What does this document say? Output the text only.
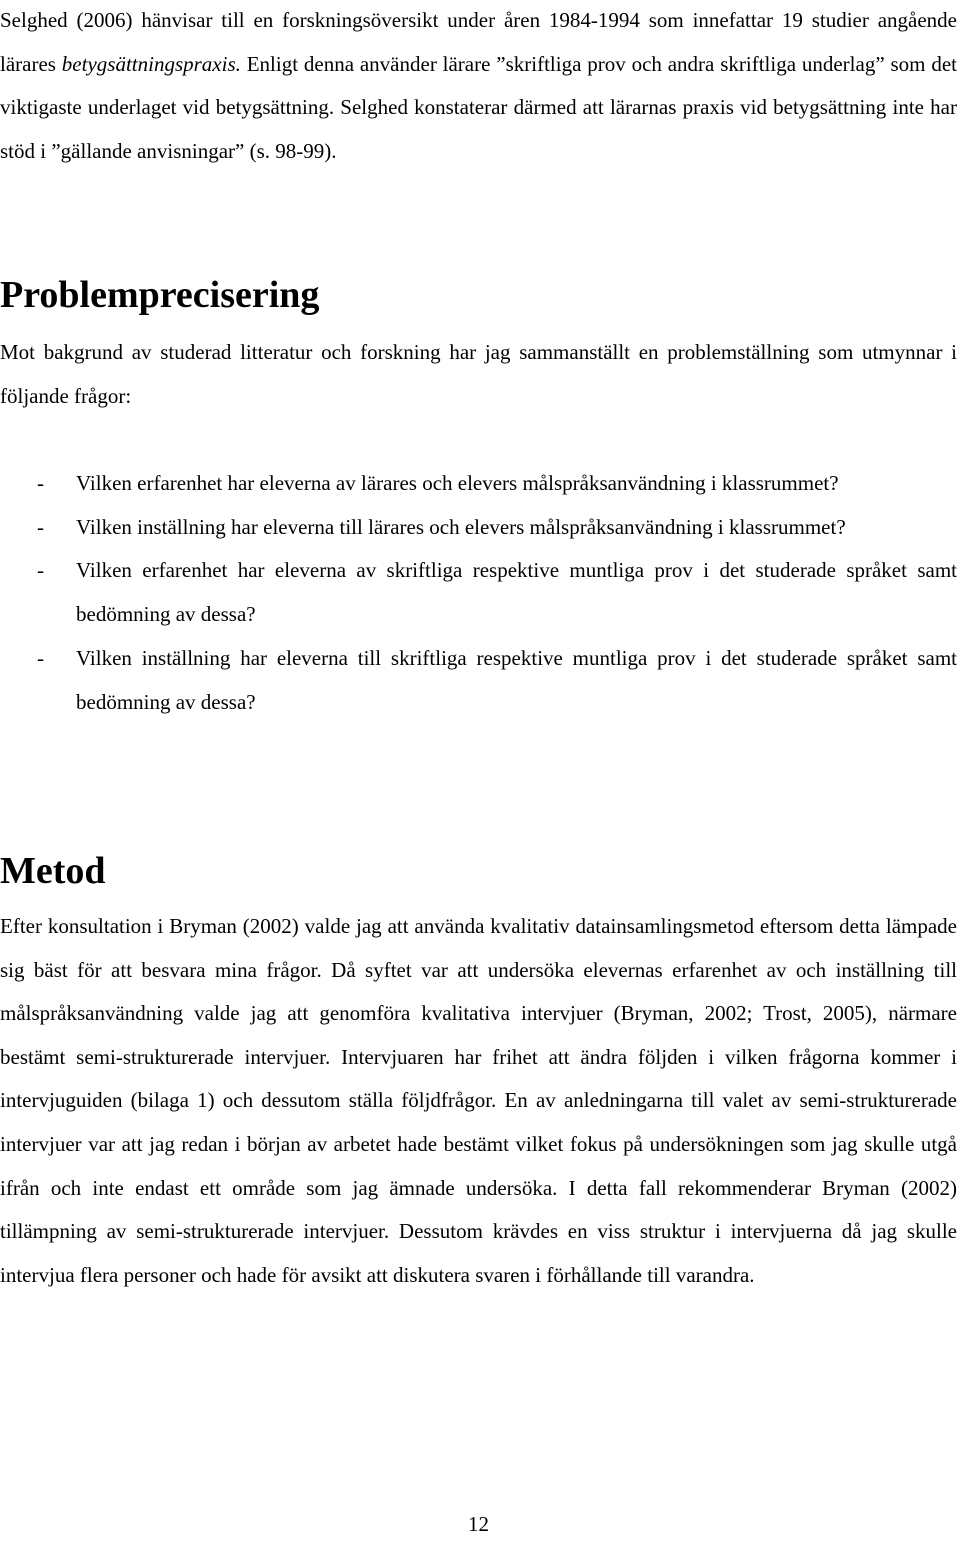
Selghed (2006) hänvisar till en forskningsöversikt under åren 1984-1994 som innefattar 19 studier angående lärares betygsättningspraxis. Enligt denna använder lärare ”skriftliga prov och andra skriftliga underlag” som det viktigaste underlaget vid betygsättning. Selghed konstaterar därmed att lärarnas praxis vid betygsättning inte har stöd i ”gällande anvisningar” (s. 98-99).

Problemprecisering

Mot bakgrund av studerad litteratur och forskning har jag sammanställt en problemställning som utmynnar i följande frågor:

- Vilken erfarenhet har eleverna av lärares och elevers målspråksanvändning i klassrummet?
- Vilken inställning har eleverna till lärares och elevers målspråksanvändning i klassrummet?
- Vilken erfarenhet har eleverna av skriftliga respektive muntliga prov i det studerade språket samt bedömning av dessa?
- Vilken inställning har eleverna till skriftliga respektive muntliga prov i det studerade språket samt bedömning av dessa?
Metod

Efter konsultation i Bryman (2002) valde jag att använda kvalitativ datainsamlingsmetod eftersom detta lämpade sig bäst för att besvara mina frågor. Då syftet var att undersöka elevernas erfarenhet av och inställning till målspråksanvändning valde jag att genomföra kvalitativa intervjuer (Bryman, 2002; Trost, 2005), närmare bestämt semi-strukturerade intervjuer. Intervjuaren har frihet att ändra följden i vilken frågorna kommer i intervjuguiden (bilaga 1) och dessutom ställa följdfrågor. En av anledningarna till valet av semi-strukturerade intervjuer var att jag redan i början av arbetet hade bestämt vilket fokus på undersökningen som jag skulle utgå ifrån och inte endast ett område som jag ämnade undersöka. I detta fall rekommenderar Bryman (2002) tillämpning av semi-strukturerade intervjuer. Dessutom krävdes en viss struktur i intervjuerna då jag skulle intervjua flera personer och hade för avsikt att diskutera svaren i förhållande till varandra.

12
